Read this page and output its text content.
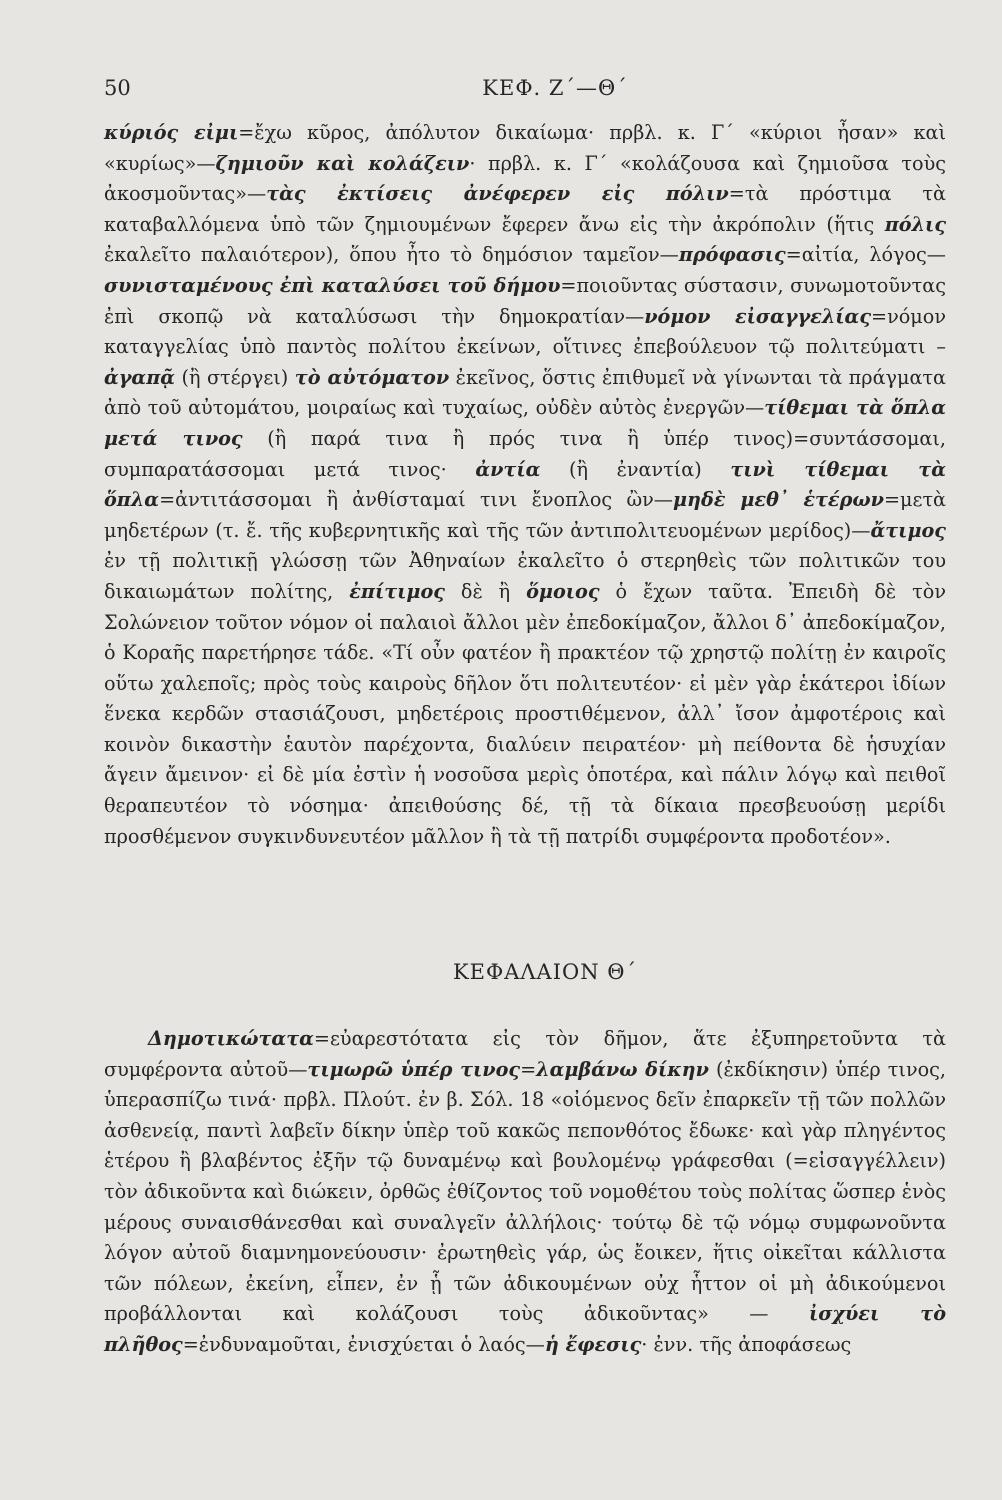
50	ΚΕΦ. Ζ΄—Θ΄

κύριός εἰμι=ἔχω κῦρος, ἀπόλυτον δικαίωμα· πρβλ. κ. Γ΄ «κύριοι ἦσαν» καὶ «κυρίως»—ζημιοῦν καὶ κολάζειν· πρβλ. κ. Γ΄ «κολάζουσα καὶ ζημιοῦσα τοὺς ἀκοσμοῦντας»—τὰς ἐκτίσεις ἀνέφερεν εἰς πόλιν=τὰ πρόστιμα τὰ καταβαλλόμενα ὑπὸ τῶν ζημιουμένων ἔφερεν ἄνω εἰς τὴν ἀκρόπολιν (ἥτις πόλις ἐκαλεῖτο παλαιότερον), ὅπου ἦτο τὸ δημόσιον ταμεῖον—πρόφασις=αἰτία, λόγος—συνισταμένους ἐπὶ καταλύσει τοῦ δήμου=ποιοῦντας σύστασιν, συνωμοτοῦντας ἐπὶ σκοπῷ νὰ καταλύσωσι τὴν δημοκρατίαν—νόμον εἰσαγγελίας=νόμον καταγγελίας ὑπὸ παντὸς πολίτου ἐκείνων, οἵτινες ἐπεβούλευον τῷ πολιτεύματι – ἀγαπᾷ (ἢ στέργει) τὸ αὐτόματον ἐκεῖνος, ὅστις ἐπιθυμεῖ νὰ γίνωνται τὰ πράγματα ἀπὸ τοῦ αὐτομάτου, μοιραίως καὶ τυχαίως, οὐδὲν αὐτὸς ἐνεργῶν—τίθεμαι τὰ ὅπλα μετά τινος (ἢ παρά τινα ἢ πρός τινα ἢ ὑπέρ τινος)=συντάσσομαι, συμπαρατάσσομαι μετά τινος· ἀντία (ἢ ἐναντία) τινὶ τίθεμαι τὰ ὅπλα=ἀντιτάσσομαι ἢ ἀνθίσταμαί τινι ἔνοπλος ὢν—μηδὲ μεθ᾽ ἑτέρων=μετὰ μηδετέρων (τ. ἔ. τῆς κυβερνητικῆς καὶ τῆς τῶν ἀντιπολιτευομένων μερίδος)—ἄτιμος ἐν τῇ πολιτικῇ γλώσσῃ τῶν Ἀθηναίων ἐκαλεῖτο ὁ στερηθεὶς τῶν πολιτικῶν του δικαιωμάτων πολίτης, ἐπίτιμος δὲ ἢ ὅμοιος ὁ ἔχων ταῦτα. Ἐπειδὴ δὲ τὸν Σολώνειον τοῦτον νόμον οἱ παλαιοὶ ἄλλοι μὲν ἐπεδοκίμαζον, ἄλλοι δ᾽ ἀπεδοκίμαζον, ὁ Κοραῆς παρετήρησε τάδε. «Τί οὖν φατέον ἢ πρακτέον τῷ χρηστῷ πολίτῃ ἐν καιροῖς οὕτω χαλεποῖς; πρὸς τοὺς καιροὺς δῆλον ὅτι πολιτευτέον· εἰ μὲν γὰρ ἑκάτεροι ἰδίων ἕνεκα κερδῶν στασιάζουσι, μηδετέροις προστιθέμενον, ἀλλ᾽ ἴσον ἀμφοτέροις καὶ κοινὸν δικαστὴν ἑαυτὸν παρέχοντα, διαλύειν πειρατέον· μὴ πείθοντα δὲ ἡσυχίαν ἄγειν ἄμεινον· εἰ δὲ μία ἐστὶν ἡ νοσοῦσα μερὶς ὁποτέρα, καὶ πάλιν λόγῳ καὶ πειθοῖ θεραπευτέον τὸ νόσημα· ἀπειθούσης δέ, τῇ τὰ δίκαια πρεσβευούσῃ μερίδι προσθέμενον συγκινδυνευτέον μᾶλλον ἢ τὰ τῇ πατρίδι συμφέροντα προδοτέον».

ΚΕΦΑΛΑΙΟΝ Θ΄

Δημοτικώτατα=εὐαρεστότατα εἰς τὸν δῆμον, ἅτε ἐξυπηρετοῦντα τὰ συμφέροντα αὐτοῦ—τιμωρῶ ὑπέρ τινος=λαμβάνω δίκην (ἐκδίκησιν) ὑπέρ τινος, ὑπερασπίζω τινά· πρβλ. Πλούτ. ἐν β. Σόλ. 18 «οἰόμενος δεῖν ἐπαρκεῖν τῇ τῶν πολλῶν ἀσθενείᾳ, παντὶ λαβεῖν δίκην ὑπὲρ τοῦ κακῶς πεπονθότος ἔδωκε· καὶ γὰρ πληγέντος ἑτέρου ἢ βλαβέντος ἐξῆν τῷ δυναμένῳ καὶ βουλομένῳ γράφεσθαι (=εἰσαγγέλλειν) τὸν ἀδικοῦντα καὶ διώκειν, ὀρθῶς ἐθίζοντος τοῦ νομοθέτου τοὺς πολίτας ὥσπερ ἑνὸς μέρους συναισθάνεσθαι καὶ συναλγεῖν ἀλλήλοις· τούτῳ δὲ τῷ νόμῳ συμφωνοῦντα λόγον αὐτοῦ διαμνημονεύουσιν· ἐρωτηθεὶς γάρ, ὡς ἔοικεν, ἥτις οἰκεῖται κάλλιστα τῶν πόλεων, ἐκείνη, εἶπεν, ἐν ᾗ τῶν ἀδικουμένων οὐχ ἧττον οἱ μὴ ἀδικούμενοι προβάλλονται καὶ κολάζουσι τοὺς ἀδικοῦντας» — ἰσχύει τὸ πλῆθος=ἐνδυναμοῦται, ἐνισχύεται ὁ λαός—ἡ ἔφεσις· ἐνν. τῆς ἀποφάσεως
